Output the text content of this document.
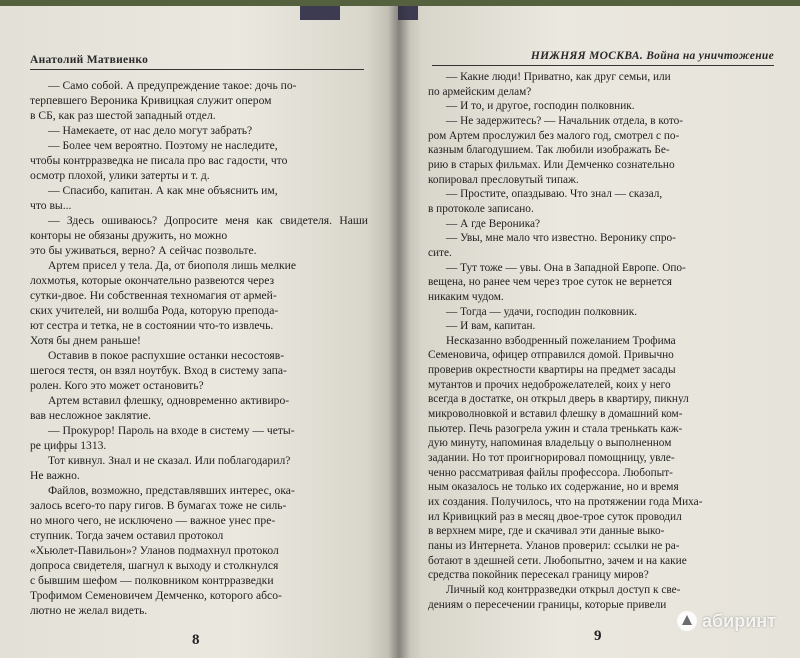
Анатолий Матвиенко

— Само собой. А предупреждение такое: дочь по-
терпевшего Вероника Кривицкая служит опером
в СБ, как раз шестой западный отдел.

— Намекаете, от нас дело могут забрать?

— Более чем вероятно. Поэтому не наследите,
чтобы контрразведка не писала про вас гадости, что
осмотр плохой, улики затерты и т. д.

— Спасибо, капитан. А как мне объяснить им,
что вы...

— Здесь ошиваюсь? Допросите меня как свидетеля. Наши конторы не обязаны дружить, но можно
это бы уживаться, верно? А сейчас позвольте.

Артем присел у тела. Да, от биополя лишь мелкие
лохмотья, которые окончательно развеются через
сутки-двое. Ни собственная техномагия от армей-
ских учителей, ни волшба Рода, которую препода-
ют сестра и тетка, не в состоянии что-то извлечь.
Хотя бы днем раньше!

Оставив в покое распухшие останки несостояв-
шегося тестя, он взял ноутбук. Вход в систему запа-
ролен. Кого это может остановить?

Артем вставил флешку, одновременно активиро-
вав несложное заклятие.

— Прокурор! Пароль на входе в систему — четы-
ре цифры 1313.

Тот кивнул. Знал и не сказал. Или поблагодарил?
Не важно.

Файлов, возможно, представлявших интерес, ока-
залось всего-то пару гигов. В бумагах тоже не силь-
но много чего, не исключено — важное унес пре-
ступник. Тогда зачем оставил протокол
«Хьюлет-Павильон»? Уланов подмахнул протокол
допроса свидетеля, шагнул к выходу и столкнулся
с бывшим шефом — полковником контрразведки
Трофимом Семеновичем Демченко, которого абсо-
лютно не желал видеть.

8
НИЖНЯЯ МОСКВА. Война на уничтожение

— Какие люди! Приватно, как друг семьи, или
по армейским делам?

— И то, и другое, господин полковник.

— Не задержитесь? — Начальник отдела, в кото-
ром Артем прослужил без малого год, смотрел с по-
казным благодушием. Так любили изображать Бе-
рию в старых фильмах. Или Демченко сознательно
копировал пресловутый типаж.

— Простите, опаздываю. Что знал — сказал,
в протоколе записано.

— А где Вероника?

— Увы, мне мало что известно. Веронику спро-
сите.

— Тут тоже — увы. Она в Западной Европе. Опо-
вещена, но ранее чем через трое суток не вернется
никаким чудом.

— Тогда — удачи, господин полковник.

— И вам, капитан.

Несказанно взбодренный пожеланием Трофима
Семеновича, офицер отправился домой. Привычно
проверив окрестности квартиры на предмет засады
мутантов и прочих недоброжелателей, коих у него
всегда в достатке, он открыл дверь в квартиру, пикнул
микроволновкой и вставил флешку в домашний ком-
пьютер. Печь разогрела ужин и стала тренькать каж-
дую минуту, напоминая владельцу о выполненном
задании. Но тот проигнорировал помощницу, увле-
ченно рассматривая файлы профессора. Любопыт-
ным оказалось не только их содержание, но и время
их создания. Получилось, что на протяжении года Миха-
ил Кривицкий раз в месяц двое-трое суток проводил
в верхнем мире, где и скачивал эти данные выко-
паны из Интернета. Уланов проверил: ссылки не ра-
ботают в здешней сети. Любопытно, зачем и на какие
средства покойник пересекал границу миров?

Личный код контрразведки открыл доступ к све-
дениям о пересечении границы, которые привели

9
абиринт
